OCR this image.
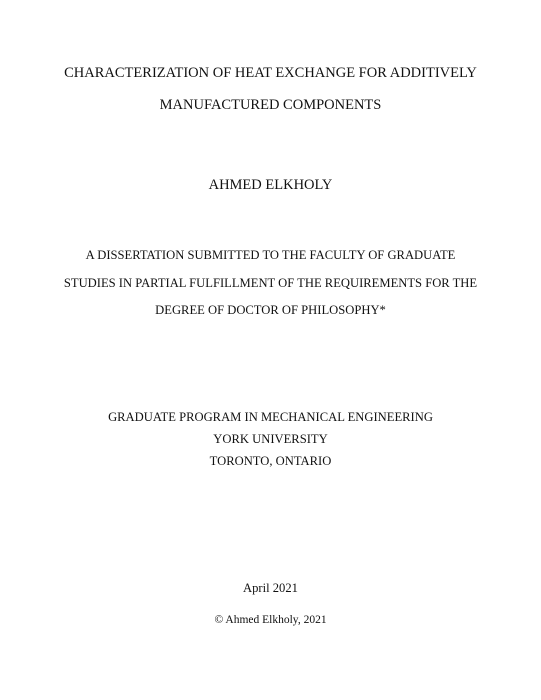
CHARACTERIZATION OF HEAT EXCHANGE FOR ADDITIVELY
MANUFACTURED COMPONENTS
AHMED ELKHOLY
A DISSERTATION SUBMITTED TO THE FACULTY OF GRADUATE
STUDIES IN PARTIAL FULFILLMENT OF THE REQUIREMENTS FOR THE
DEGREE OF DOCTOR OF PHILOSOPHY*
GRADUATE PROGRAM IN MECHANICAL ENGINEERING
YORK UNIVERSITY
TORONTO, ONTARIO
April 2021
© Ahmed Elkholy, 2021
